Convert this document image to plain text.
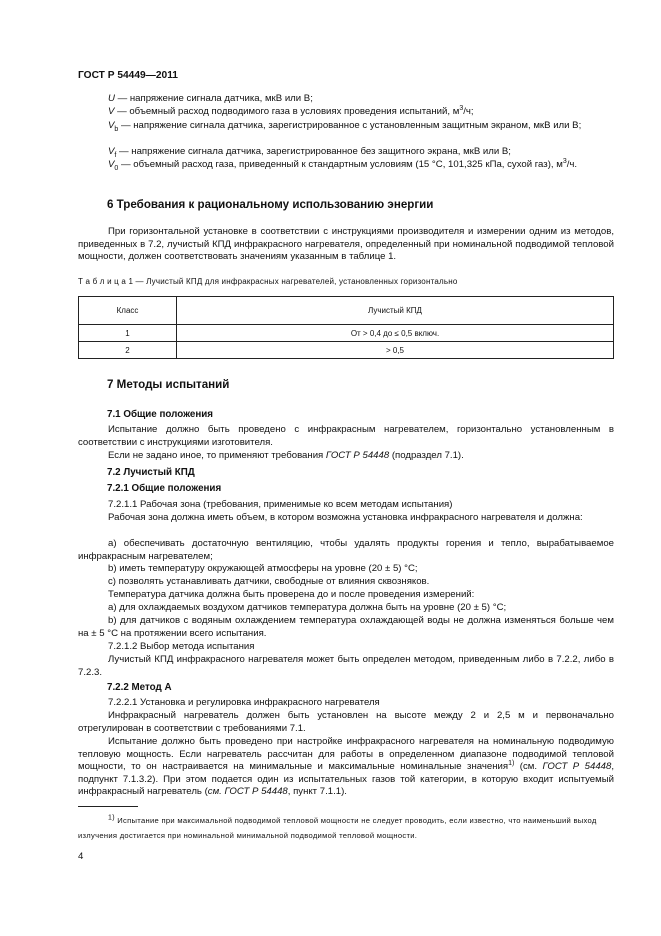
ГОСТ Р 54449—2011
U — напряжение сигнала датчика, мкВ или В;
V — объемный расход подводимого газа в условиях проведения испытаний, $м^3/ч$;
$V_b$ — напряжение сигнала датчика, зарегистрированное с установленным защитным экраном, мкВ или В;
$V_f$ — напряжение сигнала датчика, зарегистрированное без защитного экрана, мкВ или В;
$V_0$ — объемный расход газа, приведенный к стандартным условиям (15 °С, 101,325 кПа, сухой газ), $м^3/ч$.
6 Требования к рациональному использованию энергии
При горизонтальной установке в соответствии с инструкциями производителя и измерении одним из методов, приведенных в 7.2, лучистый КПД инфракрасного нагревателя, определенный при номинальной подводимой тепловой мощности, должен соответствовать значениям указанным в таблице 1.
Т а б л и ц а 1 — Лучистый КПД для инфракрасных нагревателей, установленных горизонтально
Класс	Лучистый КПД
1	От > 0,4 до ≤ 0,5 включ.
2	> 0,5
7 Методы испытаний
7.1 Общие положения
Испытание должно быть проведено с инфракрасным нагревателем, горизонтально установленным в соответствии с инструкциями изготовителя.
Если не задано иное, то применяют требования ГОСТ Р 54448 (подраздел 7.1).
7.2 Лучистый КПД
7.2.1 Общие положения
7.2.1.1 Рабочая зона (требования, применимые ко всем методам испытания)
Рабочая зона должна иметь объем, в котором возможна установка инфракрасного нагревателя и должна:
a) обеспечивать достаточную вентиляцию, чтобы удалять продукты горения и тепло, вырабатываемое инфракрасным нагревателем;
b) иметь температуру окружающей атмосферы на уровне (20 ± 5) °С;
c) позволять устанавливать датчики, свободные от влияния сквозняков.
Температура датчика должна быть проверена до и после проведения измерений:
a) для охлаждаемых воздухом датчиков температура должна быть на уровне (20 ± 5) °С;
b) для датчиков с водяным охлаждением температура охлаждающей воды не должна изменяться больше чем на ± 5 °С на протяжении всего испытания.
7.2.1.2 Выбор метода испытания
Лучистый КПД инфракрасного нагревателя может быть определен методом, приведенным либо в 7.2.2, либо в 7.2.3.
7.2.2 Метод А
7.2.2.1 Установка и регулировка инфракрасного нагревателя
Инфракрасный нагреватель должен быть установлен на высоте между 2 и 2,5 м и первоначально отрегулирован в соответствии с требованиями 7.1.
Испытание должно быть проведено при настройке инфракрасного нагревателя на номинальную подводимую тепловую мощность. Если нагреватель рассчитан для работы в определенном диапазоне подводимой тепловой мощности, то он настраивается на минимальные и максимальные номинальные значения$^{1)}$ (см. ГОСТ Р 54448, подпункт 7.1.3.2). При этом подается один из испытательных газов той категории, в которую входит испытуемый инфракрасный нагреватель (см. ГОСТ Р 54448, пункт 7.1.1).
$^{1)}$ Испытание при максимальной подводимой тепловой мощности не следует проводить, если известно, что наименьший выход излучения достигается при номинальной минимальной подводимой тепловой мощности.
4
